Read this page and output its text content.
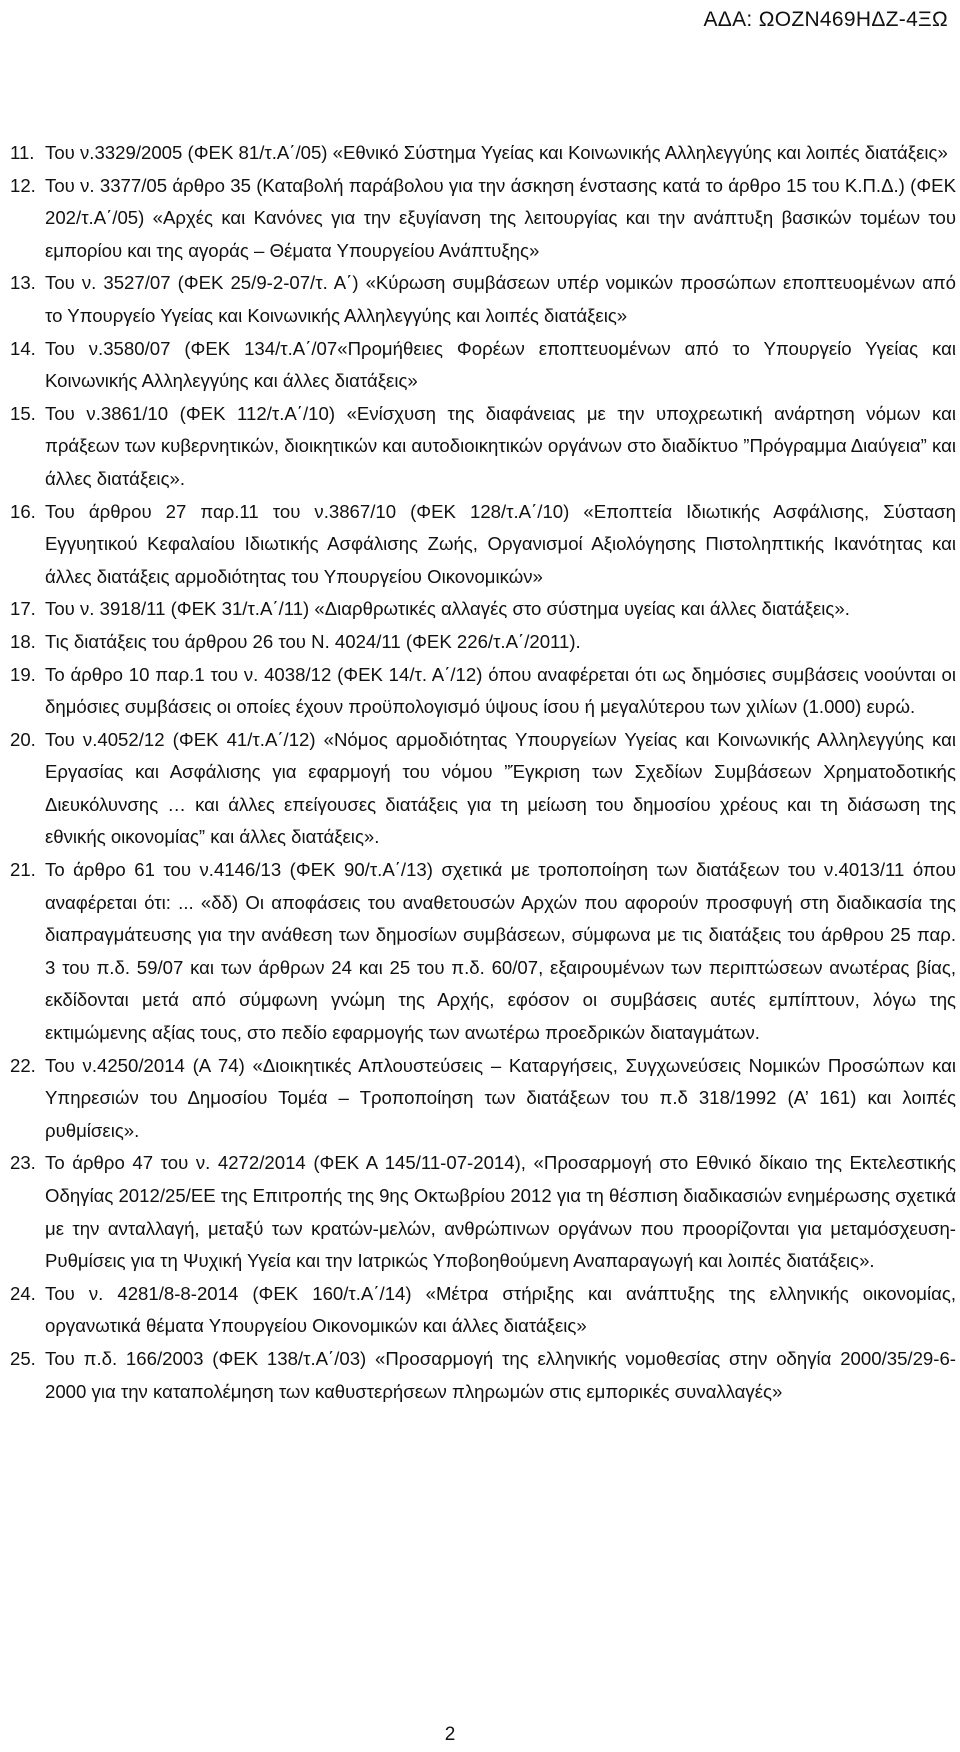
ΑΔΑ: ΩΟΖΝ469ΗΔΖ-4ΞΩ
11. Του ν.3329/2005 (ΦΕΚ 81/τ.Α΄/05) «Εθνικό Σύστημα Υγείας και Κοινωνικής Αλληλεγγύης και λοιπές διατάξεις»
12. Του ν. 3377/05 άρθρο 35 (Καταβολή παράβολου για την άσκηση ένστασης κατά το άρθρο 15 του Κ.Π.Δ.) (ΦΕΚ 202/τ.Α΄/05) «Αρχές και Κανόνες για την εξυγίανση της λειτουργίας και την ανάπτυξη βασικών τομέων του εμπορίου και της αγοράς – Θέματα Υπουργείου Ανάπτυξης»
13. Του ν. 3527/07 (ΦΕΚ 25/9-2-07/τ. Α΄) «Κύρωση συμβάσεων υπέρ νομικών προσώπων εποπτευομένων από το Υπουργείο Υγείας και Κοινωνικής Αλληλεγγύης και λοιπές διατάξεις»
14. Του ν.3580/07 (ΦΕΚ 134/τ.Α΄/07«Προμήθειες Φορέων εποπτευομένων από το Υπουργείο Υγείας και Κοινωνικής Αλληλεγγύης και άλλες διατάξεις»
15. Του ν.3861/10 (ΦΕΚ 112/τ.Α΄/10) «Ενίσχυση της διαφάνειας με την υποχρεωτική ανάρτηση νόμων και πράξεων των κυβερνητικών, διοικητικών και αυτοδιοικητικών οργάνων στο διαδίκτυο ”Πρόγραμμα Διαύγεια” και άλλες διατάξεις».
16. Του άρθρου 27 παρ.11 του ν.3867/10 (ΦΕΚ 128/τ.Α΄/10) «Εποπτεία Ιδιωτικής Ασφάλισης, Σύσταση Εγγυητικού Κεφαλαίου Ιδιωτικής Ασφάλισης Ζωής, Οργανισμοί Αξιολόγησης Πιστοληπτικής Ικανότητας και άλλες διατάξεις αρμοδιότητας του Υπουργείου Οικονομικών»
17. Του ν. 3918/11 (ΦΕΚ 31/τ.Α΄/11) «Διαρθρωτικές αλλαγές στο σύστημα υγείας και άλλες διατάξεις».
18. Τις διατάξεις του άρθρου 26 του Ν. 4024/11 (ΦΕΚ 226/τ.Α΄/2011).
19. Το άρθρο 10 παρ.1 του ν. 4038/12 (ΦΕΚ 14/τ. Α΄/12) όπου αναφέρεται ότι ως δημόσιες συμβάσεις νοούνται οι δημόσιες συμβάσεις οι οποίες έχουν προϋπολογισμό ύψους ίσου ή μεγαλύτερου των χιλίων (1.000) ευρώ.
20. Του ν.4052/12 (ΦΕΚ 41/τ.Α΄/12) «Νόμος αρμοδιότητας Υπουργείων Υγείας και Κοινωνικής Αλληλεγγύης και Εργασίας και Ασφάλισης για εφαρμογή του νόμου ”Έγκριση των Σχεδίων Συμβάσεων Χρηματοδοτικής Διευκόλυνσης … και άλλες επείγουσες διατάξεις για τη μείωση του δημοσίου χρέους και τη διάσωση της εθνικής οικονομίας” και άλλες διατάξεις».
21. Το άρθρο 61 του ν.4146/13 (ΦΕΚ 90/τ.Α΄/13) σχετικά με τροποποίηση των διατάξεων του ν.4013/11 όπου αναφέρεται ότι: ... «δδ) Οι αποφάσεις του αναθετουσών Αρχών που αφορούν προσφυγή στη διαδικασία της διαπραγμάτευσης για την ανάθεση των δημοσίων συμβάσεων, σύμφωνα με τις διατάξεις του άρθρου 25 παρ. 3 του π.δ. 59/07 και των άρθρων 24 και 25 του π.δ. 60/07, εξαιρουμένων των περιπτώσεων ανωτέρας βίας, εκδίδονται μετά από σύμφωνη γνώμη της Αρχής, εφόσον οι συμβάσεις αυτές εμπίπτουν, λόγω της εκτιμώμενης αξίας τους, στο πεδίο εφαρμογής των ανωτέρω προεδρικών διαταγμάτων.
22. Του ν.4250/2014 (Α 74) «Διοικητικές Απλουστεύσεις – Καταργήσεις, Συγχωνεύσεις Νομικών Προσώπων και Υπηρεσιών του Δημοσίου Τομέα – Τροποποίηση των διατάξεων του π.δ 318/1992 (Α’ 161) και λοιπές ρυθμίσεις».
23. Το άρθρο 47 του ν. 4272/2014 (ΦΕΚ Α 145/11-07-2014), «Προσαρμογή στο Εθνικό δίκαιο της Εκτελεστικής Οδηγίας 2012/25/ΕΕ της Επιτροπής της 9ης Οκτωβρίου 2012 για τη θέσπιση διαδικασιών ενημέρωσης σχετικά με την ανταλλαγή, μεταξύ των κρατών-μελών, ανθρώπινων οργάνων που προορίζονται για μεταμόσχευση-Ρυθμίσεις για τη Ψυχική Υγεία και την Ιατρικώς Υποβοηθούμενη Αναπαραγωγή και λοιπές διατάξεις».
24. Του ν. 4281/8-8-2014 (ΦΕΚ 160/τ.Α΄/14) «Μέτρα στήριξης και ανάπτυξης της ελληνικής οικονομίας, οργανωτικά θέματα Υπουργείου Οικονομικών και άλλες διατάξεις»
25. Του π.δ. 166/2003 (ΦΕΚ 138/τ.Α΄/03) «Προσαρμογή της ελληνικής νομοθεσίας στην οδηγία 2000/35/29-6-2000 για την καταπολέμηση των καθυστερήσεων πληρωμών στις εμπορικές συναλλαγές»
2
